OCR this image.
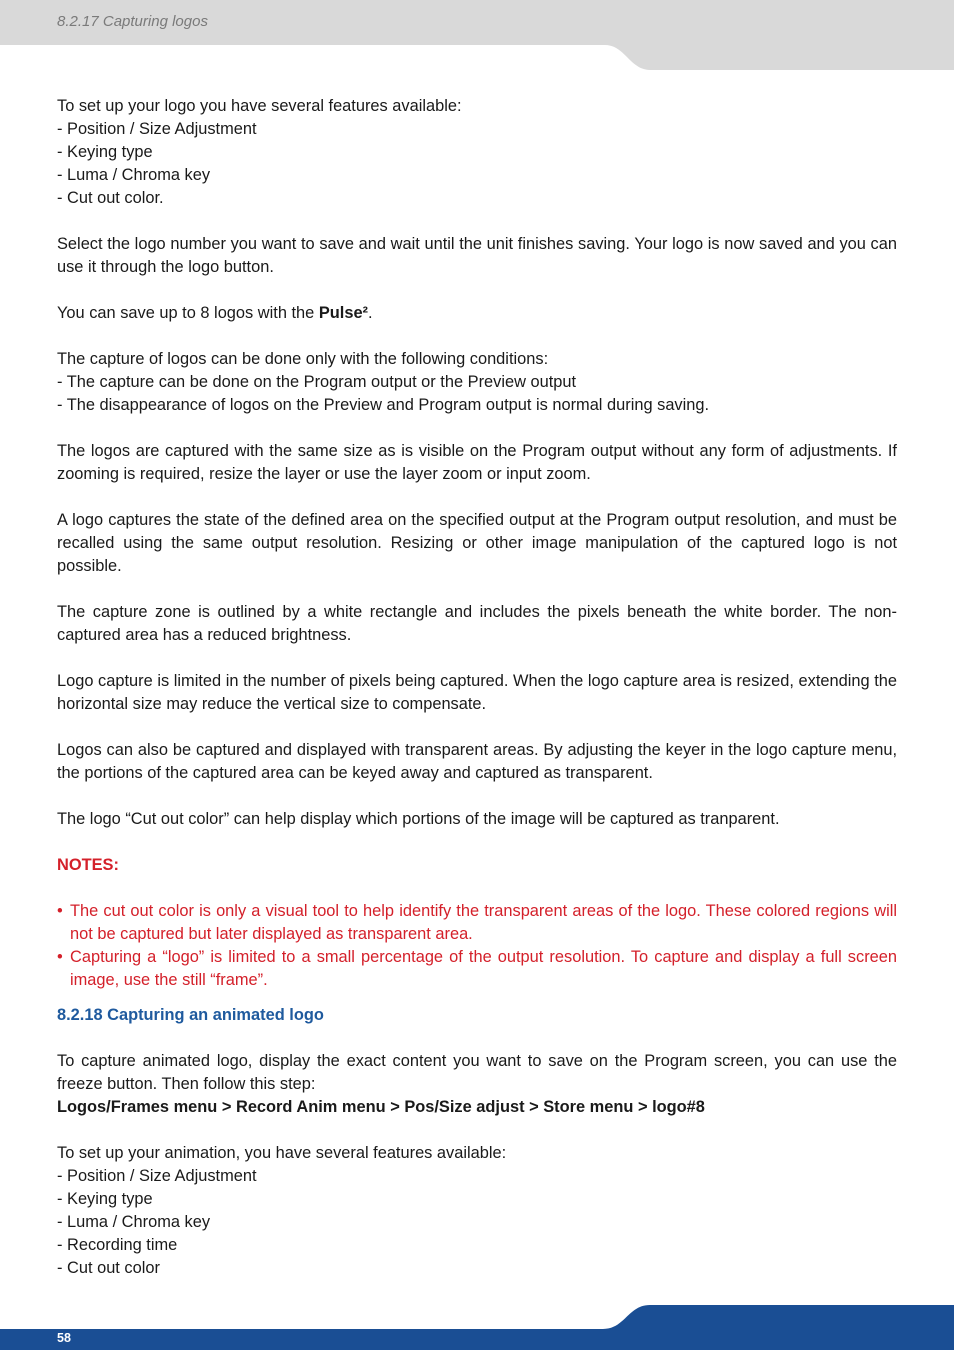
8.2.17 Capturing logos

To set up your logo you have several features available:
- Position / Size Adjustment
- Keying type
- Luma / Chroma key
- Cut out color.

Select the logo number you want to save and wait until the unit finishes saving. Your logo is now saved and you can use it through the logo button.

You can save up to 8 logos with the Pulse².

The capture of logos can be done only with the following conditions:
- The capture can be done on the Program output or the Preview output
- The disappearance of logos on the Preview and Program output is normal during saving.

The logos are captured with the same size as is visible on the Program output without any form of adjustments. If zooming is required, resize the layer or use the layer zoom or input zoom.

A logo captures the state of the defined area on the specified output at the Program output resolution, and must be recalled using the same output resolution. Resizing or other image manipulation of the captured logo is not possible.

The capture zone is outlined by a white rectangle and includes the pixels beneath the white border. The non-captured area has a reduced brightness.

Logo capture is limited in the number of pixels being captured. When the logo capture area is resized, extending the horizontal size may reduce the vertical size to compensate.

Logos can also be captured and displayed with transparent areas. By adjusting the keyer in the logo capture menu, the portions of the captured area can be keyed away and captured as transparent.

The logo “Cut out color” can help display which portions of the image will be captured as tranparent.

NOTES:

• The cut out color is only a visual tool to help identify the transparent areas of the logo. These colored regions will not be captured but later displayed as transparent area.
• Capturing a “logo” is limited to a small percentage of the output resolution. To capture and display a full screen image, use the still “frame”.

8.2.18 Capturing an animated logo

To capture animated logo, display the exact content you want to save on the Program screen, you can use the freeze button. Then follow this step:
Logos/Frames menu > Record Anim menu > Pos/Size adjust > Store menu > logo#8

To set up your animation, you have several features available:
- Position / Size Adjustment
- Keying type
- Luma / Chroma key
- Recording time
- Cut out color

58
